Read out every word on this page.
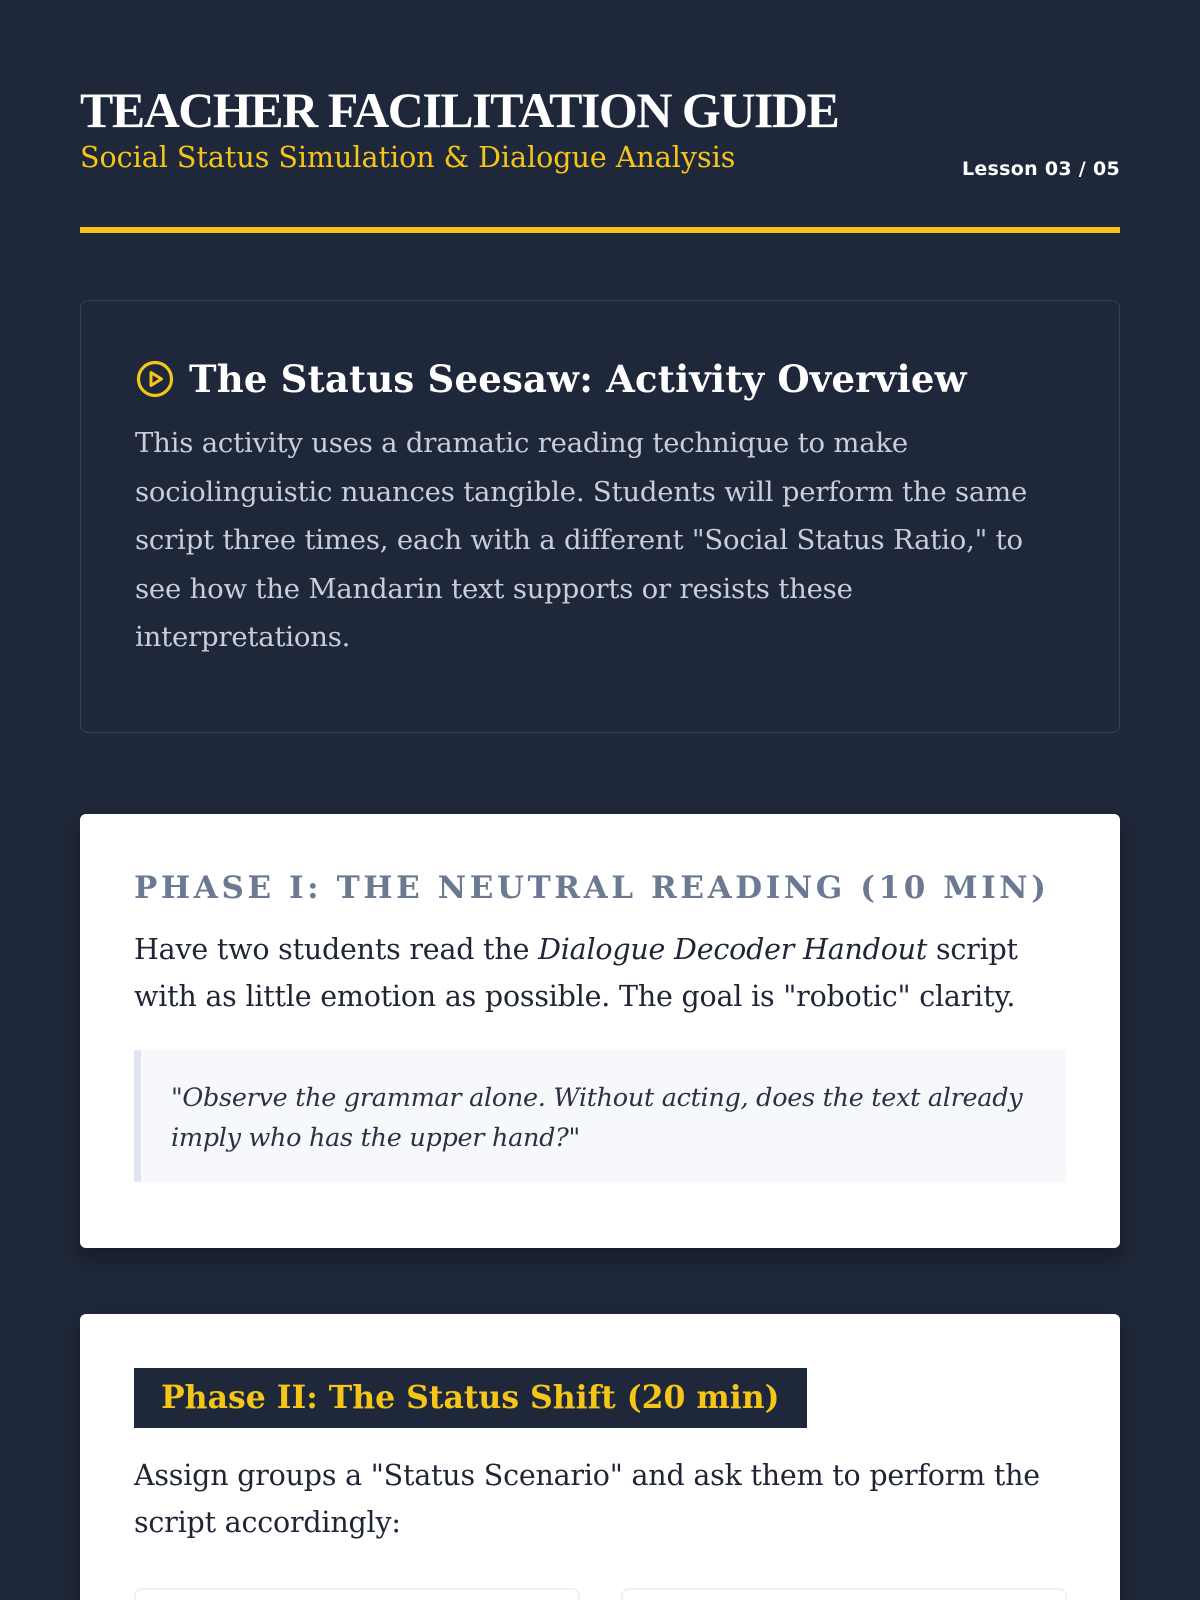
TEACHER FACILITATION GUIDE
Social Status Simulation & Dialogue Analysis	Lesson 03 / 05
The Status Seesaw: Activity Overview

This activity uses a dramatic reading technique to make sociolinguistic nuances tangible. Students will perform the same script three times, each with a different "Social Status Ratio," to see how the Mandarin text supports or resists these interpretations.

PHASE I: THE NEUTRAL READING (10 MIN)

Have two students read the Dialogue Decoder Handout script with as little emotion as possible. The goal is "robotic" clarity.

"Observe the grammar alone. Without acting, does the text already imply who has the upper hand?"
Phase II: The Status Shift (20 min)

Assign groups a "Status Scenario" and ask them to perform the script accordingly:
